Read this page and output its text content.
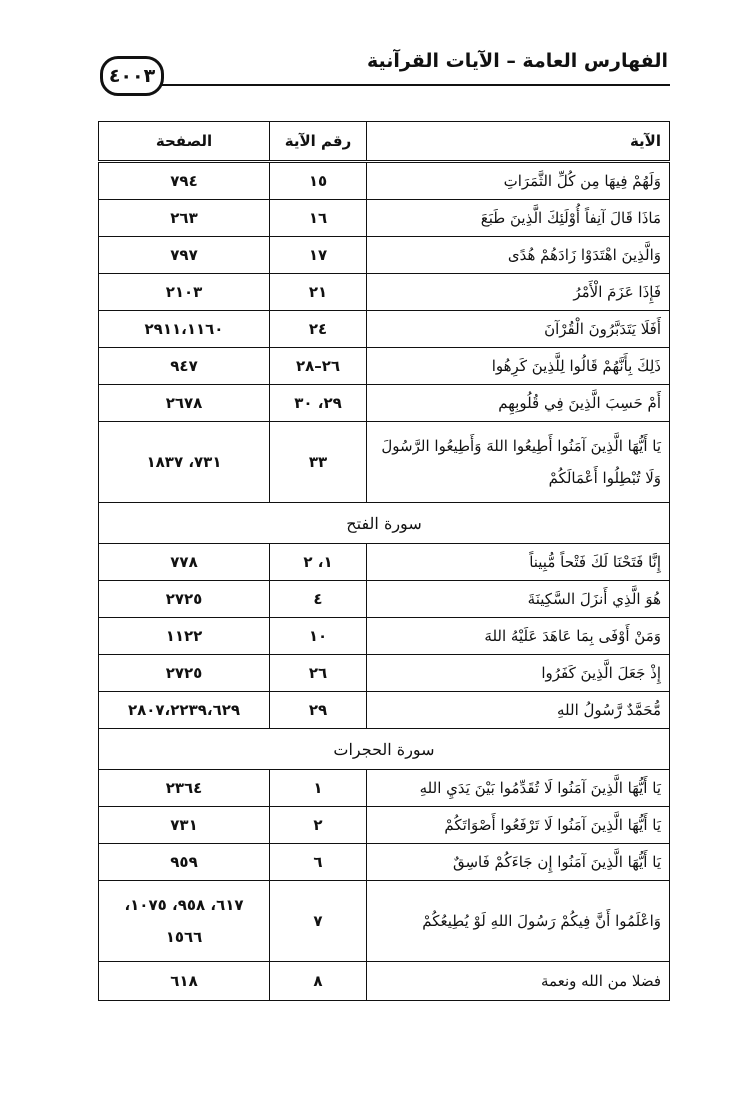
الفهارس العامة – الآيات القرآنية
٤٠٠٣
الآية	رقم الآية	الصفحة
وَلَهُمْ فِيهَا مِن كُلِّ الثَّمَرَاتِ	١٥	٧٩٤
مَاذَا قَالَ آنِفاً أُوْلَئِكَ الَّذِينَ طَبَعَ	١٦	٢٦٣
وَالَّذِينَ اهْتَدَوْا زَادَهُمْ هُدًى	١٧	٧٩٧
فَإِذَا عَزَمَ الْأَمْرُ	٢١	٢١٠٣
أَفَلَا يَتَدَبَّرُونَ الْقُرْآنَ	٢٤	٢٩١١،١١٦٠
ذَلِكَ بِأَنَّهُمْ قَالُوا لِلَّذِينَ كَرِهُوا	٢٦–٢٨	٩٤٧
أَمْ حَسِبَ الَّذِينَ فِي قُلُوبِهِم	٢٩، ٣٠	٢٦٧٨

يَا أَيُّهَا الَّذِينَ آمَنُوا أَطِيعُوا اللهَ وَأَطِيعُوا الرَّسُولَ
وَلَا تُبْطِلُوا أَعْمَالَكُمْ	٣٣	٧٣١، ١٨٣٧
سورة الفتح		
إِنَّا فَتَحْنَا لَكَ فَتْحاً مُّبِيناً	١، ٢	٧٧٨
هُوَ الَّذِي أَنزَلَ السَّكِينَةَ	٤	٢٧٢٥
وَمَنْ أَوْفَى بِمَا عَاهَدَ عَلَيْهُ اللهَ	١٠	١١٢٢
إِذْ جَعَلَ الَّذِينَ كَفَرُوا	٢٦	٢٧٢٥
مُّحَمَّدٌ رَّسُولُ اللهِ	٢٩	٢٨٠٧،٢٢٣٩،٦٢٩
سورة الحجرات		
يَا أَيُّهَا الَّذِينَ آمَنُوا لَا تُقَدِّمُوا بَيْنَ يَدَيِ اللهِ	١	٢٣٦٤
يَا أَيُّهَا الَّذِينَ آمَنُوا لَا تَرْفَعُوا أَصْوَاتَكُمْ	٢	٧٣١
يَا أَيُّهَا الَّذِينَ آمَنُوا إِن جَاءَكُمْ فَاسِقٌ	٦	٩٥٩

وَاعْلَمُوا أَنَّ فِيكُمْ رَسُولَ اللهِ لَوْ يُطِيعُكُمْ	٧	٦١٧، ٩٥٨، ١٠٧٥، ١٥٦٦
فضلا من الله ونعمة	٨	٦١٨
